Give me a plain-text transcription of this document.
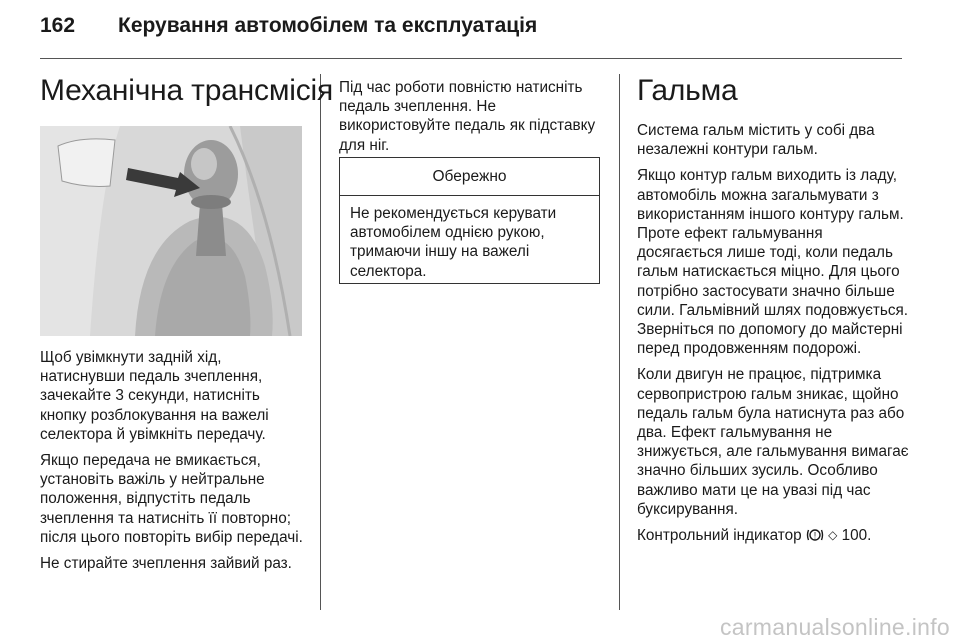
162 Керування автомобілем та експлуатація
Механічна трансмісія

Щоб увімкнути задній хід, натиснувши педаль зчеплення, зачекайте 3 секунди, натисніть кнопку розблокування на важелі селектора й увімкніть передачу.

Якщо передача не вмикається, установіть важіль у нейтральне положення, відпустіть педаль зчеплення та натисніть її повторно; після цього повторіть вибір передачі.

Не стирайте зчеплення зайвий раз.

Під час роботи повністю натисніть педаль зчеплення. Не використовуйте педаль як підставку для ніг.

Обережно
Не рекомендується керувати автомобілем однією рукою, тримаючи іншу на важелі селектора.
Гальма

Система гальм містить у собі два незалежні контури гальм.

Якщо контур гальм виходить із ладу, автомобіль можна загальмувати з використанням іншого контуру гальм. Проте ефект гальмування досягається лише тоді, коли педаль гальм натискається міцно. Для цього потрібно застосувати значно більше сили. Гальмівний шлях подовжується. Зверніться по допомогу до майстерні перед продовженням подорожі.

Коли двигун не працює, підтримка сервопристрою гальм зникає, щойно педаль гальм була натиснута раз або два. Ефект гальмування не знижується, але гальмування вимагає значно більших зусиль. Особливо важливо мати це на увазі під час буксирування.

Контрольний індикатор ! ◇ 100.

carmanualsonline.info
